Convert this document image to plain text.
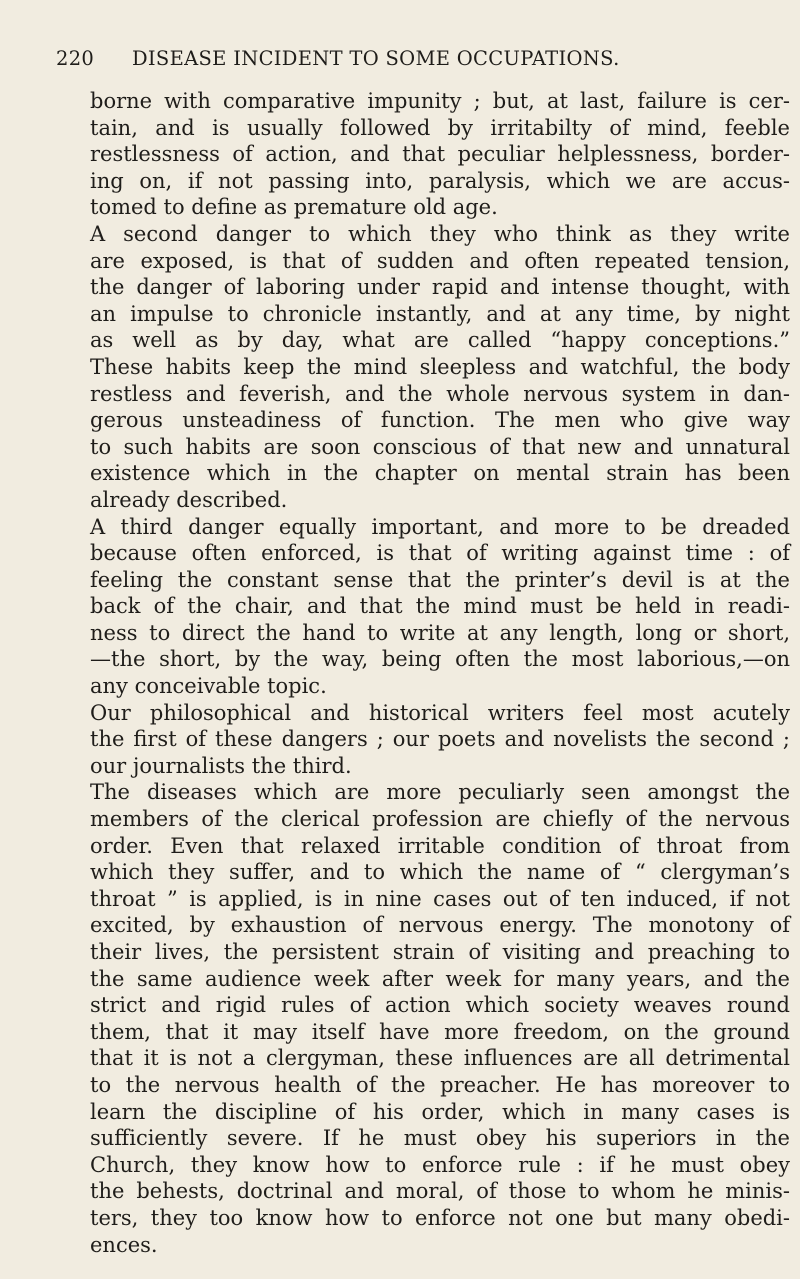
220 DISEASE INCIDENT TO SOME OCCUPATIONS.
borne with comparative impunity ; but, at last, failure is cer-
tain, and is usually followed by irritabilty of mind, feeble
restlessness of action, and that peculiar helplessness, border-
ing on, if not passing into, paralysis, which we are accus-
tomed to define as premature old age.
A second danger to which they who think as they write
are exposed, is that of sudden and often repeated tension,
the danger of laboring under rapid and intense thought, with
an impulse to chronicle instantly, and at any time, by night
as well as by day, what are called “happy conceptions.”
These habits keep the mind sleepless and watchful, the body
restless and feverish, and the whole nervous system in dan-
gerous unsteadiness of function. The men who give way
to such habits are soon conscious of that new and unnatural
existence which in the chapter on mental strain has been
already described.
A third danger equally important, and more to be dreaded
because often enforced, is that of writing against time : of
feeling the constant sense that the printer’s devil is at the
back of the chair, and that the mind must be held in readi-
ness to direct the hand to write at any length, long or short,
—the short, by the way, being often the most laborious,—on
any conceivable topic.
Our philosophical and historical writers feel most acutely
the first of these dangers ; our poets and novelists the second ;
our journalists the third.
The diseases which are more peculiarly seen amongst the
members of the clerical profession are chiefly of the nervous
order. Even that relaxed irritable condition of throat from
which they suffer, and to which the name of “ clergyman’s
throat ” is applied, is in nine cases out of ten induced, if not
excited, by exhaustion of nervous energy. The monotony of
their lives, the persistent strain of visiting and preaching to
the same audience week after week for many years, and the
strict and rigid rules of action which society weaves round
them, that it may itself have more freedom, on the ground
that it is not a clergyman, these influences are all detrimental
to the nervous health of the preacher. He has moreover to
learn the discipline of his order, which in many cases is
sufficiently severe. If he must obey his superiors in the
Church, they know how to enforce rule : if he must obey
the behests, doctrinal and moral, of those to whom he minis-
ters, they too know how to enforce not one but many obedi-
ences.
